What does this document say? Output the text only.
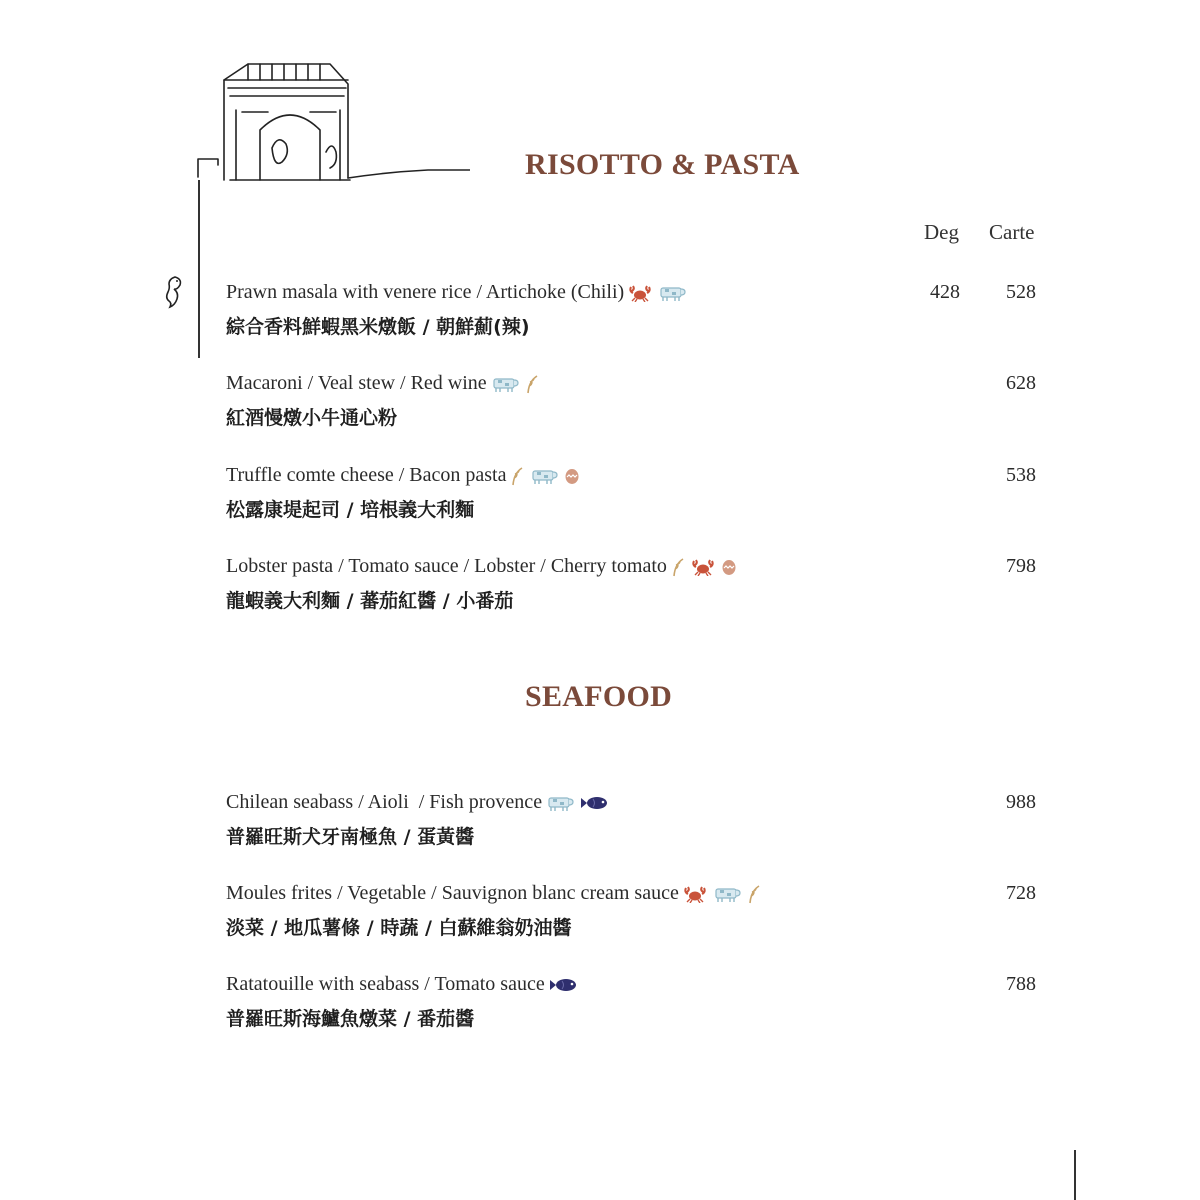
RISOTTO & PASTA
Deg Carte
Prawn masala with venere rice / Artichoke (Chili)
綜合香料鮮蝦黑米燉飯 / 朝鮮薊(辣)
428	528
Macaroni / Veal stew / Red wine
紅酒慢燉小牛通心粉
628
Truffle comte cheese / Bacon pasta
松露康堤起司 / 培根義大利麵
538
Lobster pasta / Tomato sauce / Lobster / Cherry tomato
龍蝦義大利麵 / 蕃茄紅醬 / 小番茄
798
SEAFOOD
Chilean seabass / Aioli  / Fish provence
普羅旺斯犬牙南極魚 / 蛋黃醬
988
Moules frites / Vegetable / Sauvignon blanc cream sauce
淡菜 / 地瓜薯條 / 時蔬 / 白蘇維翁奶油醬
728
Ratatouille with seabass / Tomato sauce
普羅旺斯海鱸魚燉菜 / 番茄醬
788
